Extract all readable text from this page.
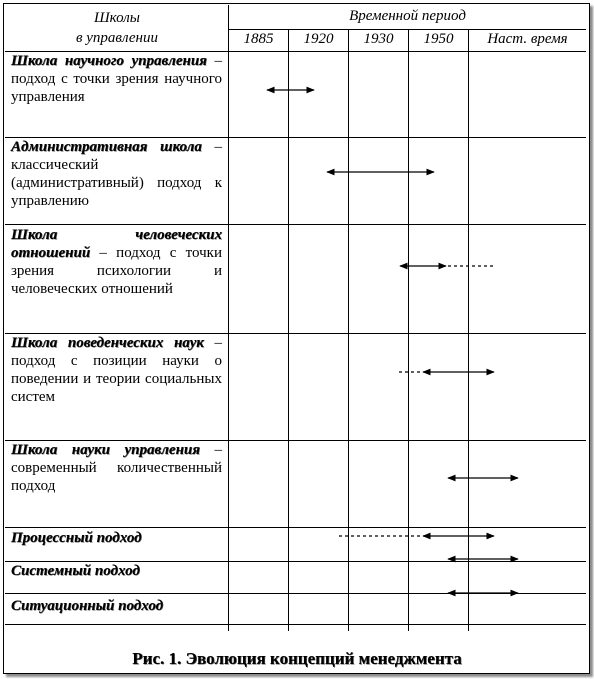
Школы
в управлении
Временной период
1885	1920	1930	1950	Наст. время
Школа научного управления – подход с точки зрения научного управления
Административная школа – классический (административный) подход к управлению
Школа человеческих отношений – подход с точки зрения психологии и человеческих отношений
Школа поведенческих наук – подход с позиции науки о поведении и теории социальных систем
Школа науки управления – современный количественный подход
Процессный подход
Системный подход
Ситуационный подход
Рис. 1. Эволюция концепций менеджмента
